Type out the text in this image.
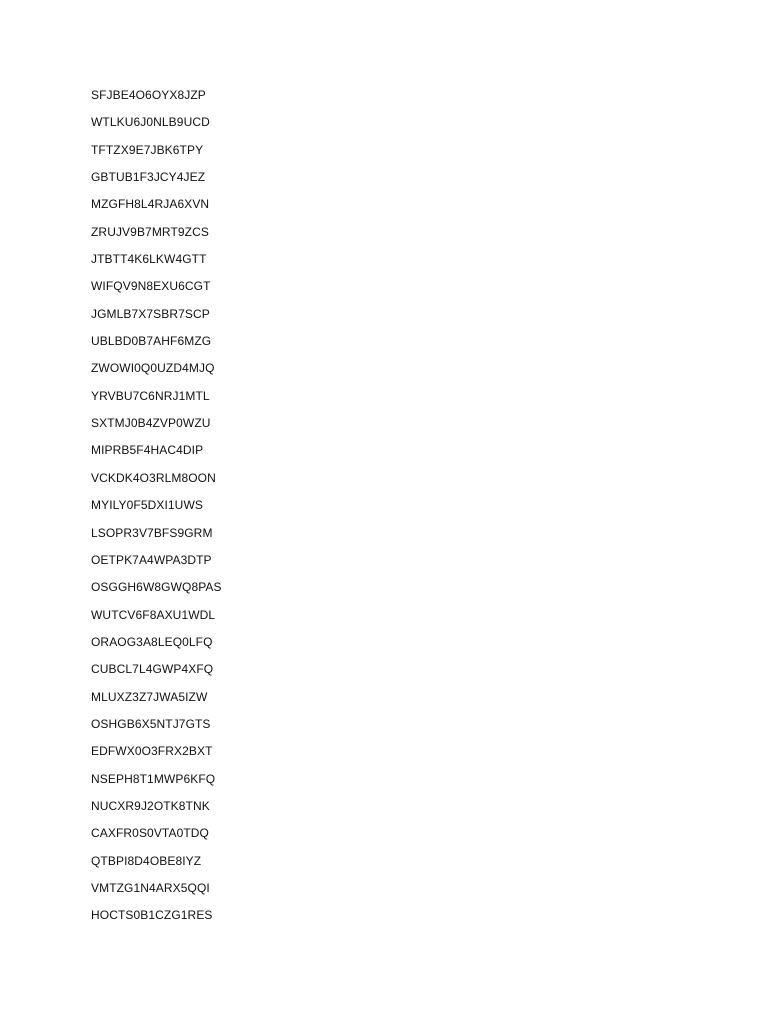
SFJBE4O6OYX8JZP
WTLKU6J0NLB9UCD
TFTZX9E7JBK6TPY
GBTUB1F3JCY4JEZ
MZGFH8L4RJA6XVN
ZRUJV9B7MRT9ZCS
JTBTT4K6LKW4GTT
WIFQV9N8EXU6CGT
JGMLB7X7SBR7SCP
UBLBD0B7AHF6MZG
ZWOWI0Q0UZD4MJQ
YRVBU7C6NRJ1MTL
SXTMJ0B4ZVP0WZU
MIPRB5F4HAC4DIP
VCKDK4O3RLM8OON
MYILY0F5DXI1UWS
LSOPR3V7BFS9GRM
OETPK7A4WPA3DTP
OSGGH6W8GWQ8PAS
WUTCV6F8AXU1WDL
ORAOG3A8LEQ0LFQ
CUBCL7L4GWP4XFQ
MLUXZ3Z7JWA5IZW
OSHGB6X5NTJ7GTS
EDFWX0O3FRX2BXT
NSEPH8T1MWP6KFQ
NUCXR9J2OTK8TNK
CAXFR0S0VTA0TDQ
QTBPI8D4OBE8IYZ
VMTZG1N4ARX5QQI
HOCTS0B1CZG1RES
